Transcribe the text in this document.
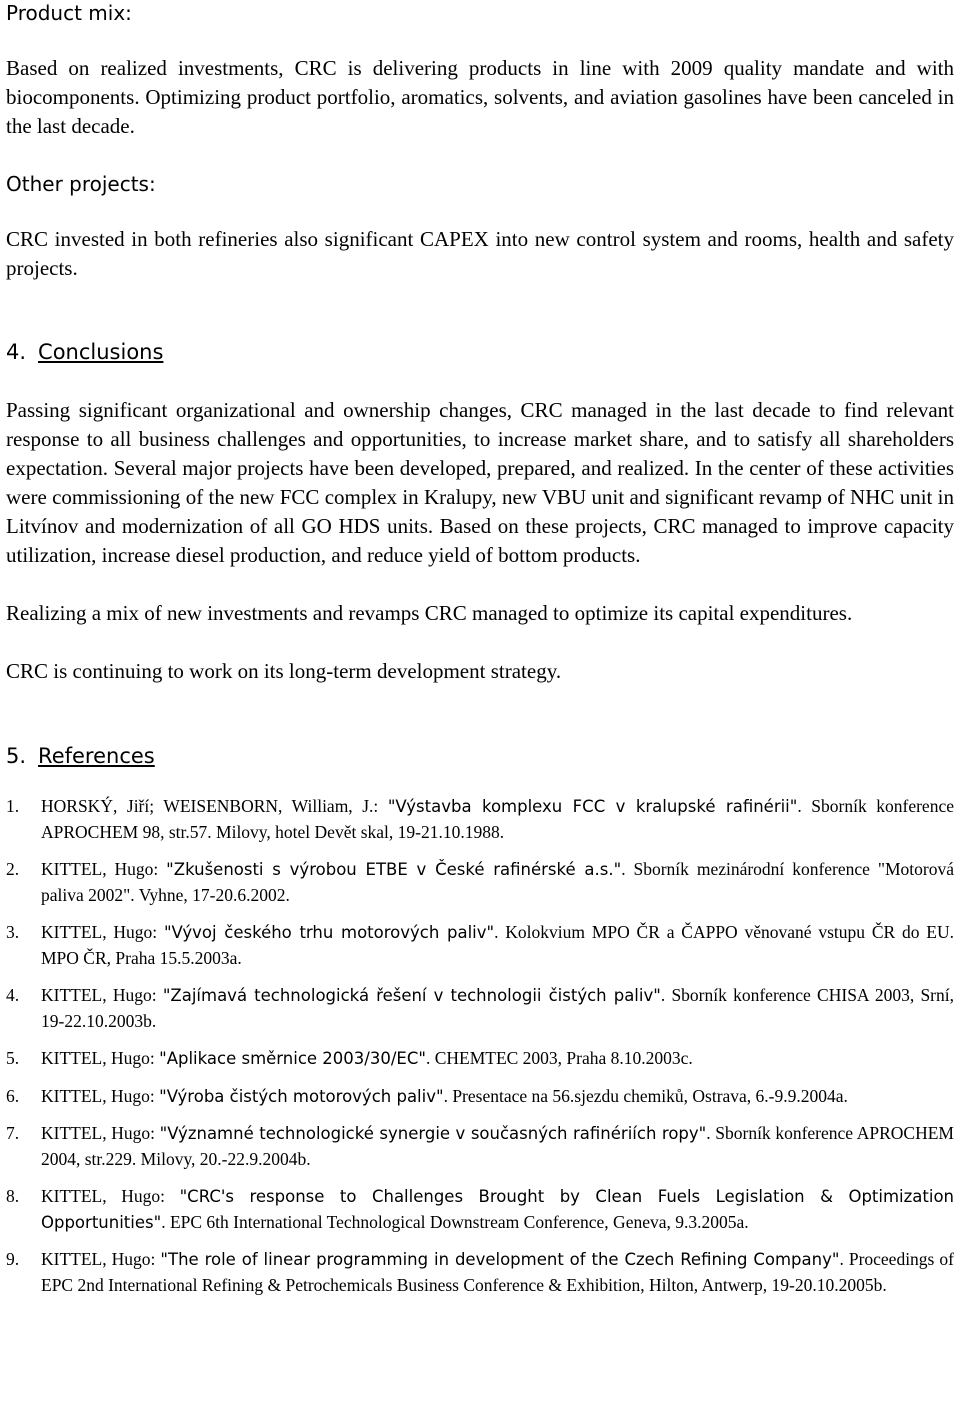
Product mix:

Based on realized investments, CRC is delivering products in line with 2009 quality mandate and with biocomponents. Optimizing product portfolio, aromatics, solvents, and aviation gasolines have been canceled in the last decade.

Other projects:

CRC invested in both refineries also significant CAPEX into new control system and rooms, health and safety projects.

4. Conclusions

Passing significant organizational and ownership changes, CRC managed in the last decade to find relevant response to all business challenges and opportunities, to increase market share, and to satisfy all shareholders expectation. Several major projects have been developed, prepared, and realized. In the center of these activities were commissioning of the new FCC complex in Kralupy, new VBU unit and significant revamp of NHC unit in Litvínov and modernization of all GO HDS units. Based on these projects, CRC managed to improve capacity utilization, increase diesel production, and reduce yield of bottom products.

Realizing a mix of new investments and revamps CRC managed to optimize its capital expenditures.

CRC is continuing to work on its long-term development strategy.

5. References
1. HORSKÝ, Jiří; WEISENBORN, William, J.: "Výstavba komplexu FCC v kralupské rafinérii". Sborník konference APROCHEM 98, str.57. Milovy, hotel Devět skal, 19-21.10.1988.
2. KITTEL, Hugo: "Zkušenosti s výrobou ETBE v České rafinérské a.s.". Sborník mezinárodní konference "Motorová paliva 2002". Vyhne, 17-20.6.2002.
3. KITTEL, Hugo: "Vývoj českého trhu motorových paliv". Kolokvium MPO ČR a ČAPPO věnované vstupu ČR do EU. MPO ČR, Praha 15.5.2003a.
4. KITTEL, Hugo: "Zajímavá technologická řešení v technologii čistých paliv". Sborník konference CHISA 2003, Srní, 19-22.10.2003b.
5. KITTEL, Hugo: "Aplikace směrnice 2003/30/EC". CHEMTEC 2003, Praha 8.10.2003c.
6. KITTEL, Hugo: "Výroba čistých motorových paliv". Presentace na 56.sjezdu chemiků, Ostrava, 6.-9.9.2004a.
7. KITTEL, Hugo: "Významné technologické synergie v současných rafinériích ropy". Sborník konference APROCHEM 2004, str.229. Milovy, 20.-22.9.2004b.
8. KITTEL, Hugo: "CRC's response to Challenges Brought by Clean Fuels Legislation & Optimization Opportunities". EPC 6th International Technological Downstream Conference, Geneva, 9.3.2005a.
9. KITTEL, Hugo: "The role of linear programming in development of the Czech Refining Company". Proceedings of EPC 2nd International Refining & Petrochemicals Business Conference & Exhibition, Hilton, Antwerp, 19-20.10.2005b.
